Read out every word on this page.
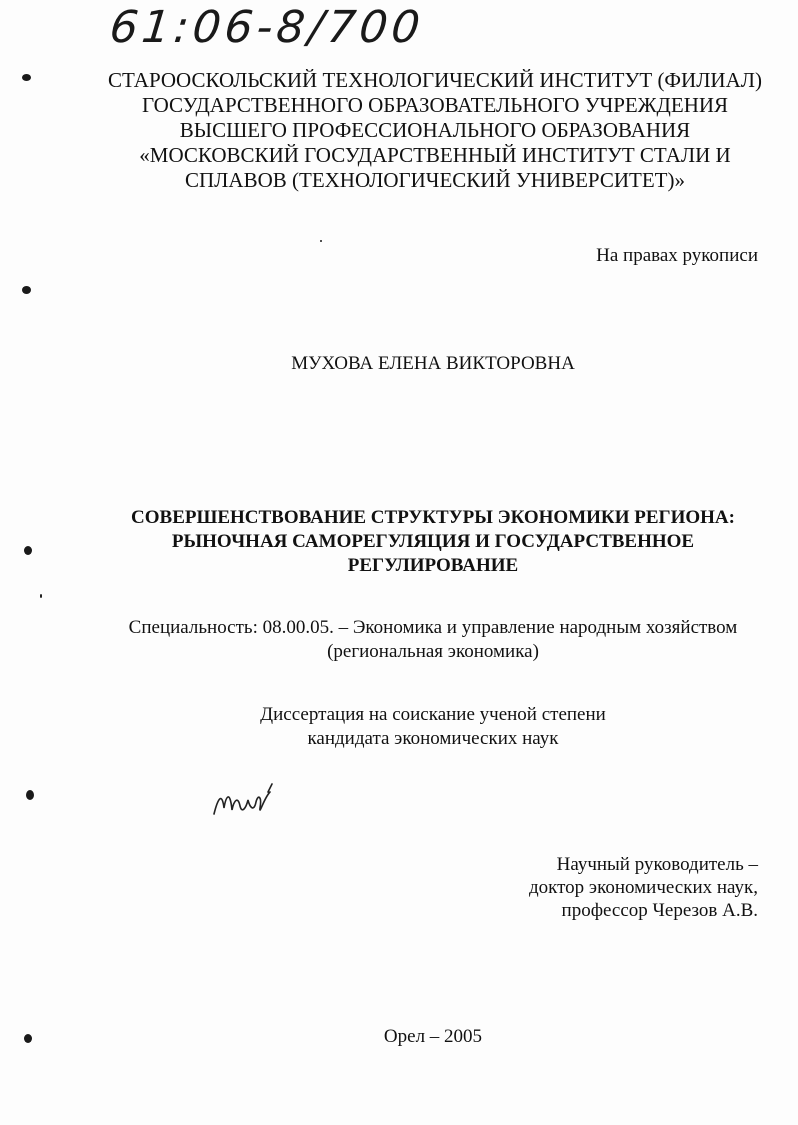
61:06-8/700
СТАРООСКОЛЬСКИЙ ТЕХНОЛОГИЧЕСКИЙ ИНСТИТУТ (ФИЛИАЛ)
ГОСУДАРСТВЕННОГО ОБРАЗОВАТЕЛЬНОГО УЧРЕЖДЕНИЯ
ВЫСШЕГО ПРОФЕССИОНАЛЬНОГО ОБРАЗОВАНИЯ
«МОСКОВСКИЙ ГОСУДАРСТВЕННЫЙ ИНСТИТУТ СТАЛИ И
СПЛАВОВ (ТЕХНОЛОГИЧЕСКИЙ УНИВЕРСИТЕТ)»
На правах рукописи
МУХОВА ЕЛЕНА ВИКТОРОВНА
СОВЕРШЕНСТВОВАНИЕ СТРУКТУРЫ ЭКОНОМИКИ РЕГИОНА:
РЫНОЧНАЯ САМОРЕГУЛЯЦИЯ И ГОСУДАРСТВЕННОЕ
РЕГУЛИРОВАНИЕ
Специальность: 08.00.05. – Экономика и управление народным хозяйством
(региональная экономика)
Диссертация на соискание ученой степени
кандидата экономических наук
Научный руководитель –
доктор экономических наук,
профессор Черезов А.В.
Орел – 2005
